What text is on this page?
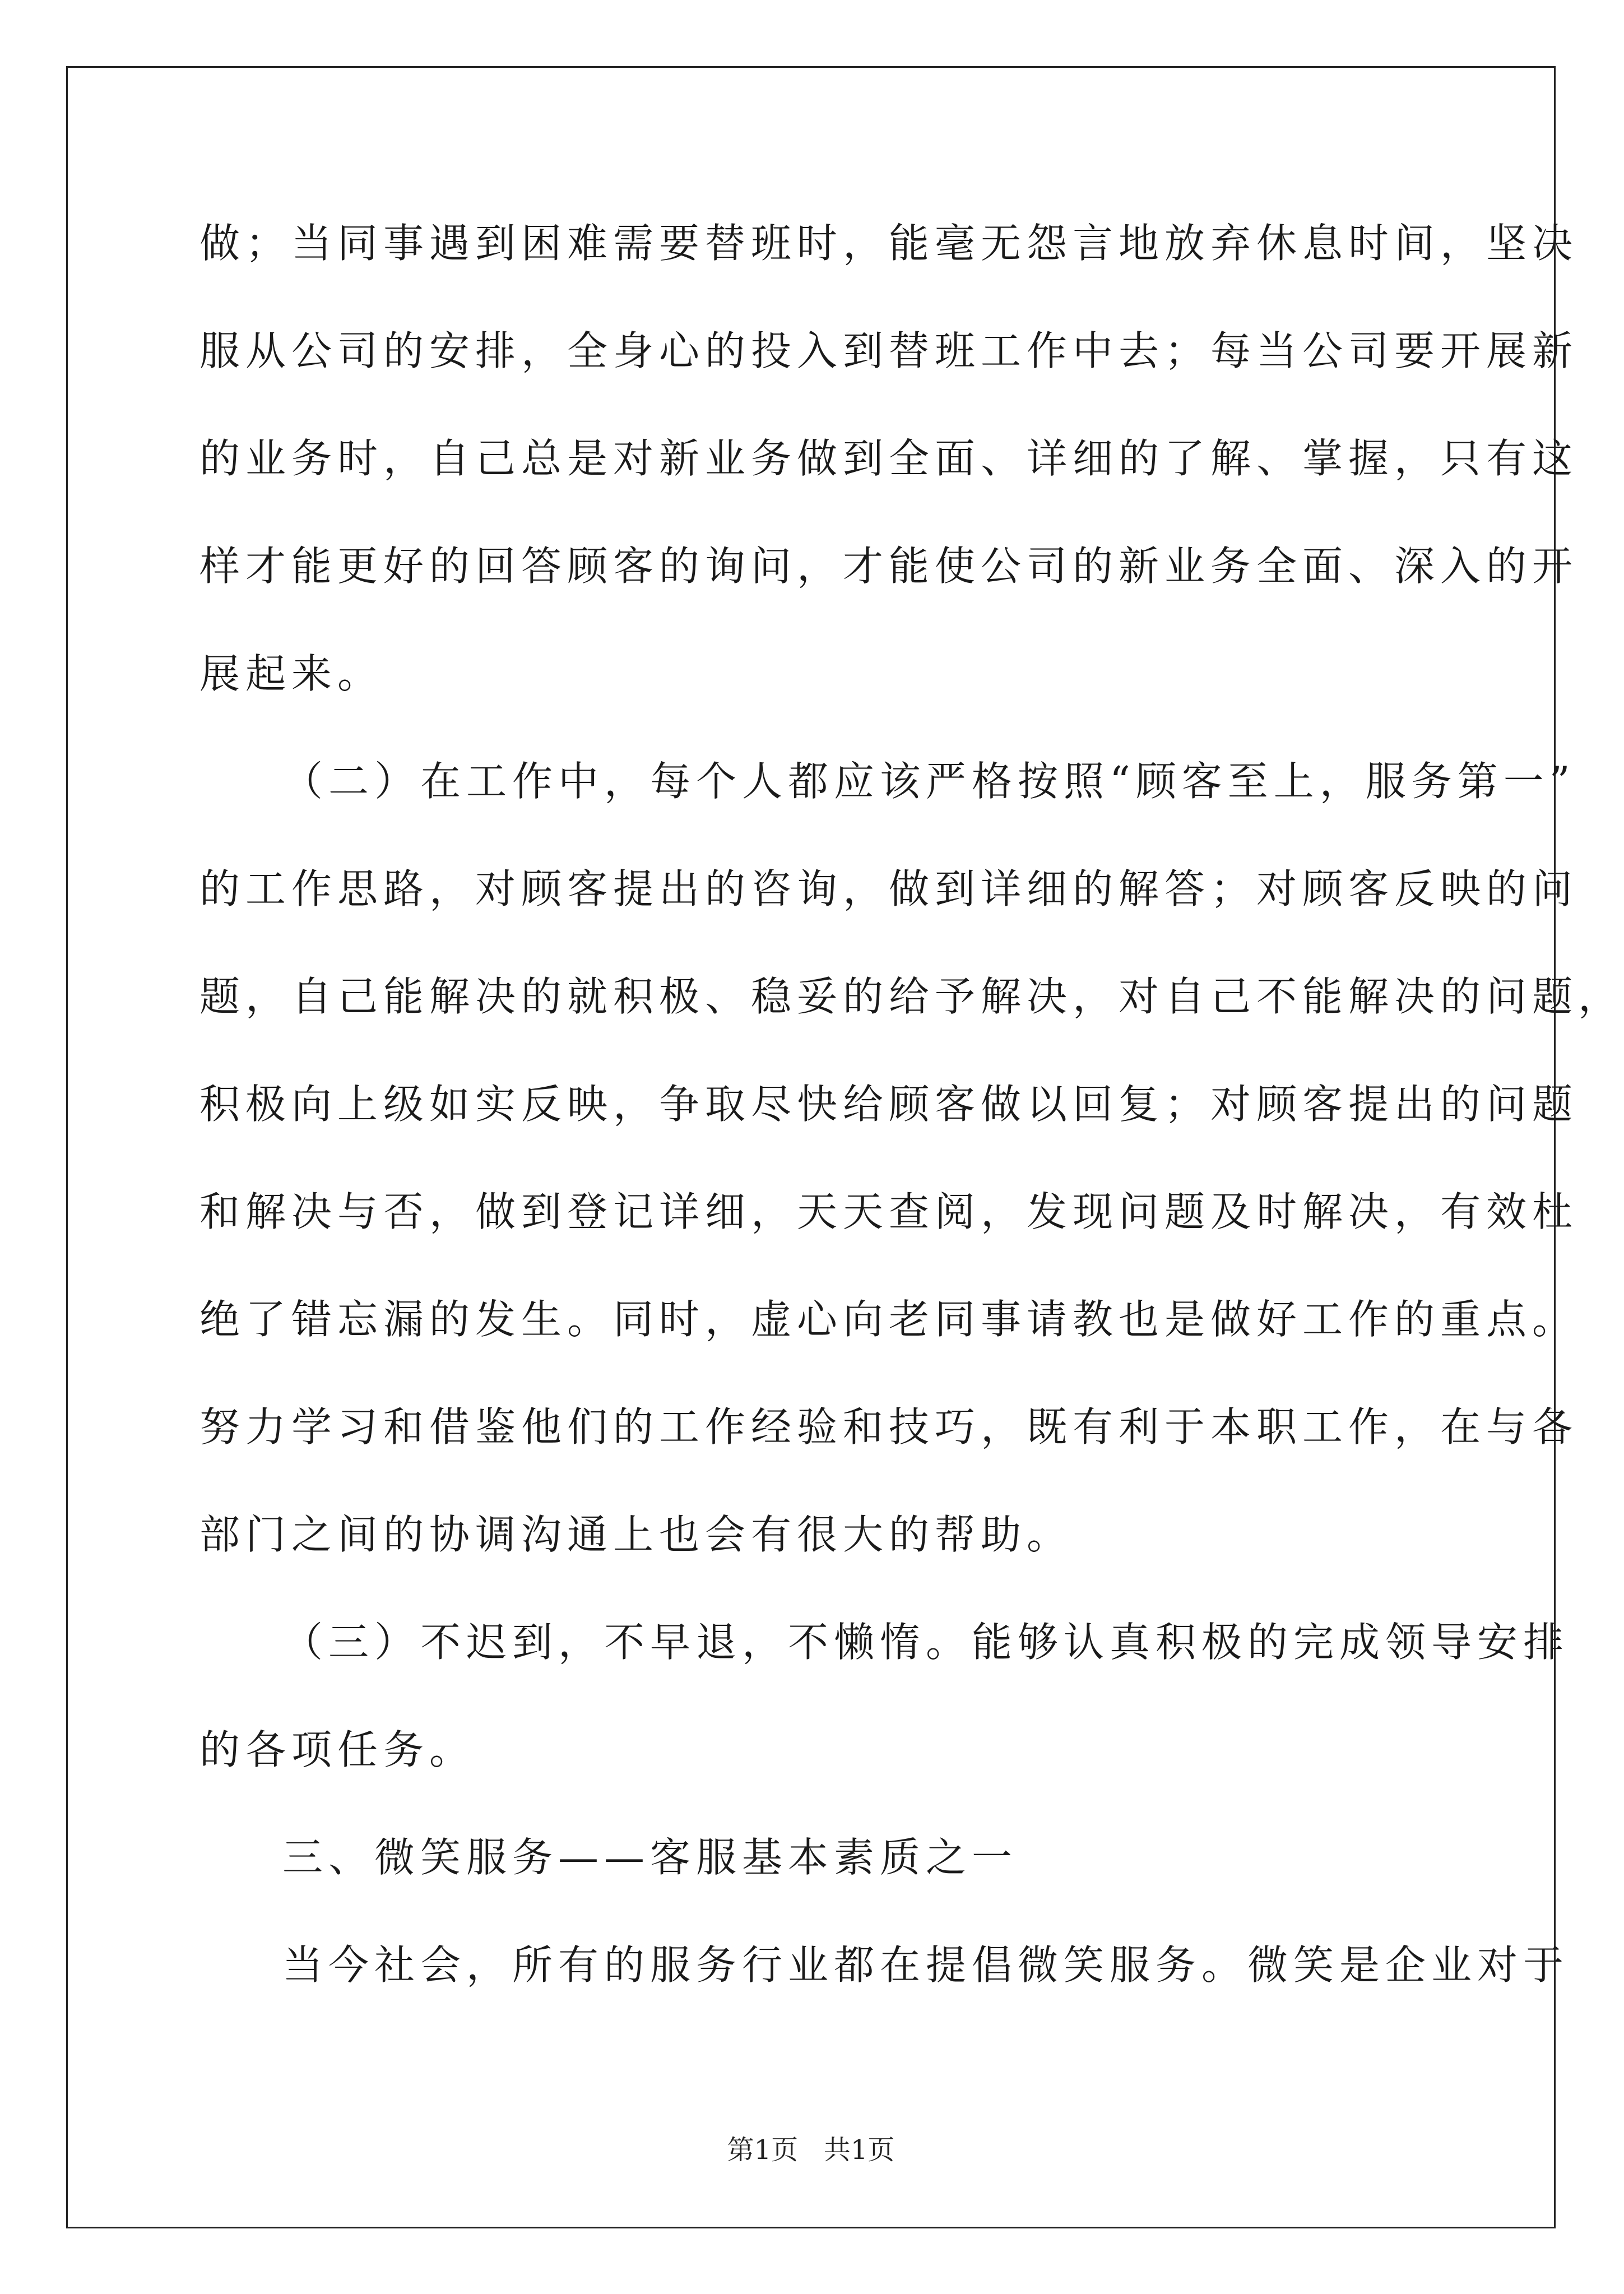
做；当同事遇到困难需要替班时，能毫无怨言地放弃休息时间，坚决
服从公司的安排，全身心的投入到替班工作中去；每当公司要开展新
的业务时，自己总是对新业务做到全面、详细的了解、掌握，只有这
样才能更好的回答顾客的询问，才能使公司的新业务全面、深入的开
展起来。
（二）在工作中，每个人都应该严格按照“顾客至上，服务第一”
的工作思路，对顾客提出的咨询，做到详细的解答；对顾客反映的问
题，自己能解决的就积极、稳妥的给予解决，对自己不能解决的问题，
积极向上级如实反映，争取尽快给顾客做以回复；对顾客提出的问题
和解决与否，做到登记详细，天天查阅，发现问题及时解决，有效杜
绝了错忘漏的发生。同时，虚心向老同事请教也是做好工作的重点。
努力学习和借鉴他们的工作经验和技巧，既有利于本职工作，在与各
部门之间的协调沟通上也会有很大的帮助。
（三）不迟到，不早退，不懒惰。能够认真积极的完成领导安排
的各项任务。
三、微笑服务——客服基本素质之一
当今社会，所有的服务行业都在提倡微笑服务。微笑是企业对于
第1页   共1页
